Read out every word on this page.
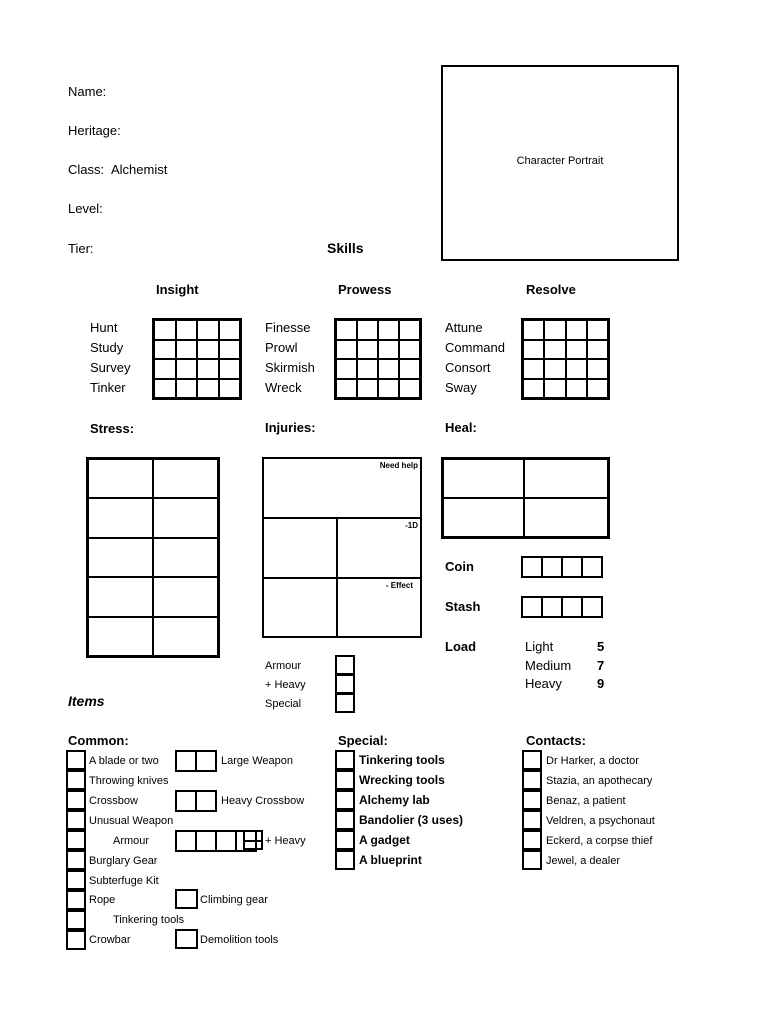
Name:
Heritage:
Class: Alchemist
Level:
Tier:
Character Portrait
Skills
Insight	Prowess	Resolve
Hunt
Study
Survey
Tinker
Finesse
Prowl
Skirmish
Wreck
Attune
Command
Consort
Sway
Stress:	Injuries:	Heal:
Need help
-1D
- Effect
Coin
Stash
Load	Light	5
Medium 7
Heavy	9
Armour
+ Heavy
Special
Items
Common:	Special:	Contacts:
A blade or two	Large Weapon
Throwing knives
Crossbow	Heavy Crossbow
Unusual Weapon
Armour	+ Heavy
Burglary Gear
Subterfuge Kit
Rope	Climbing gear
Tinkering tools
Crowbar	Demolition tools
Tinkering tools
Wrecking tools
Alchemy lab
Bandolier (3 uses)
A gadget
A blueprint
Dr Harker, a doctor
Stazia, an apothecary
Benaz, a patient
Veldren, a psychonaut
Eckerd, a corpse thief
Jewel, a dealer
